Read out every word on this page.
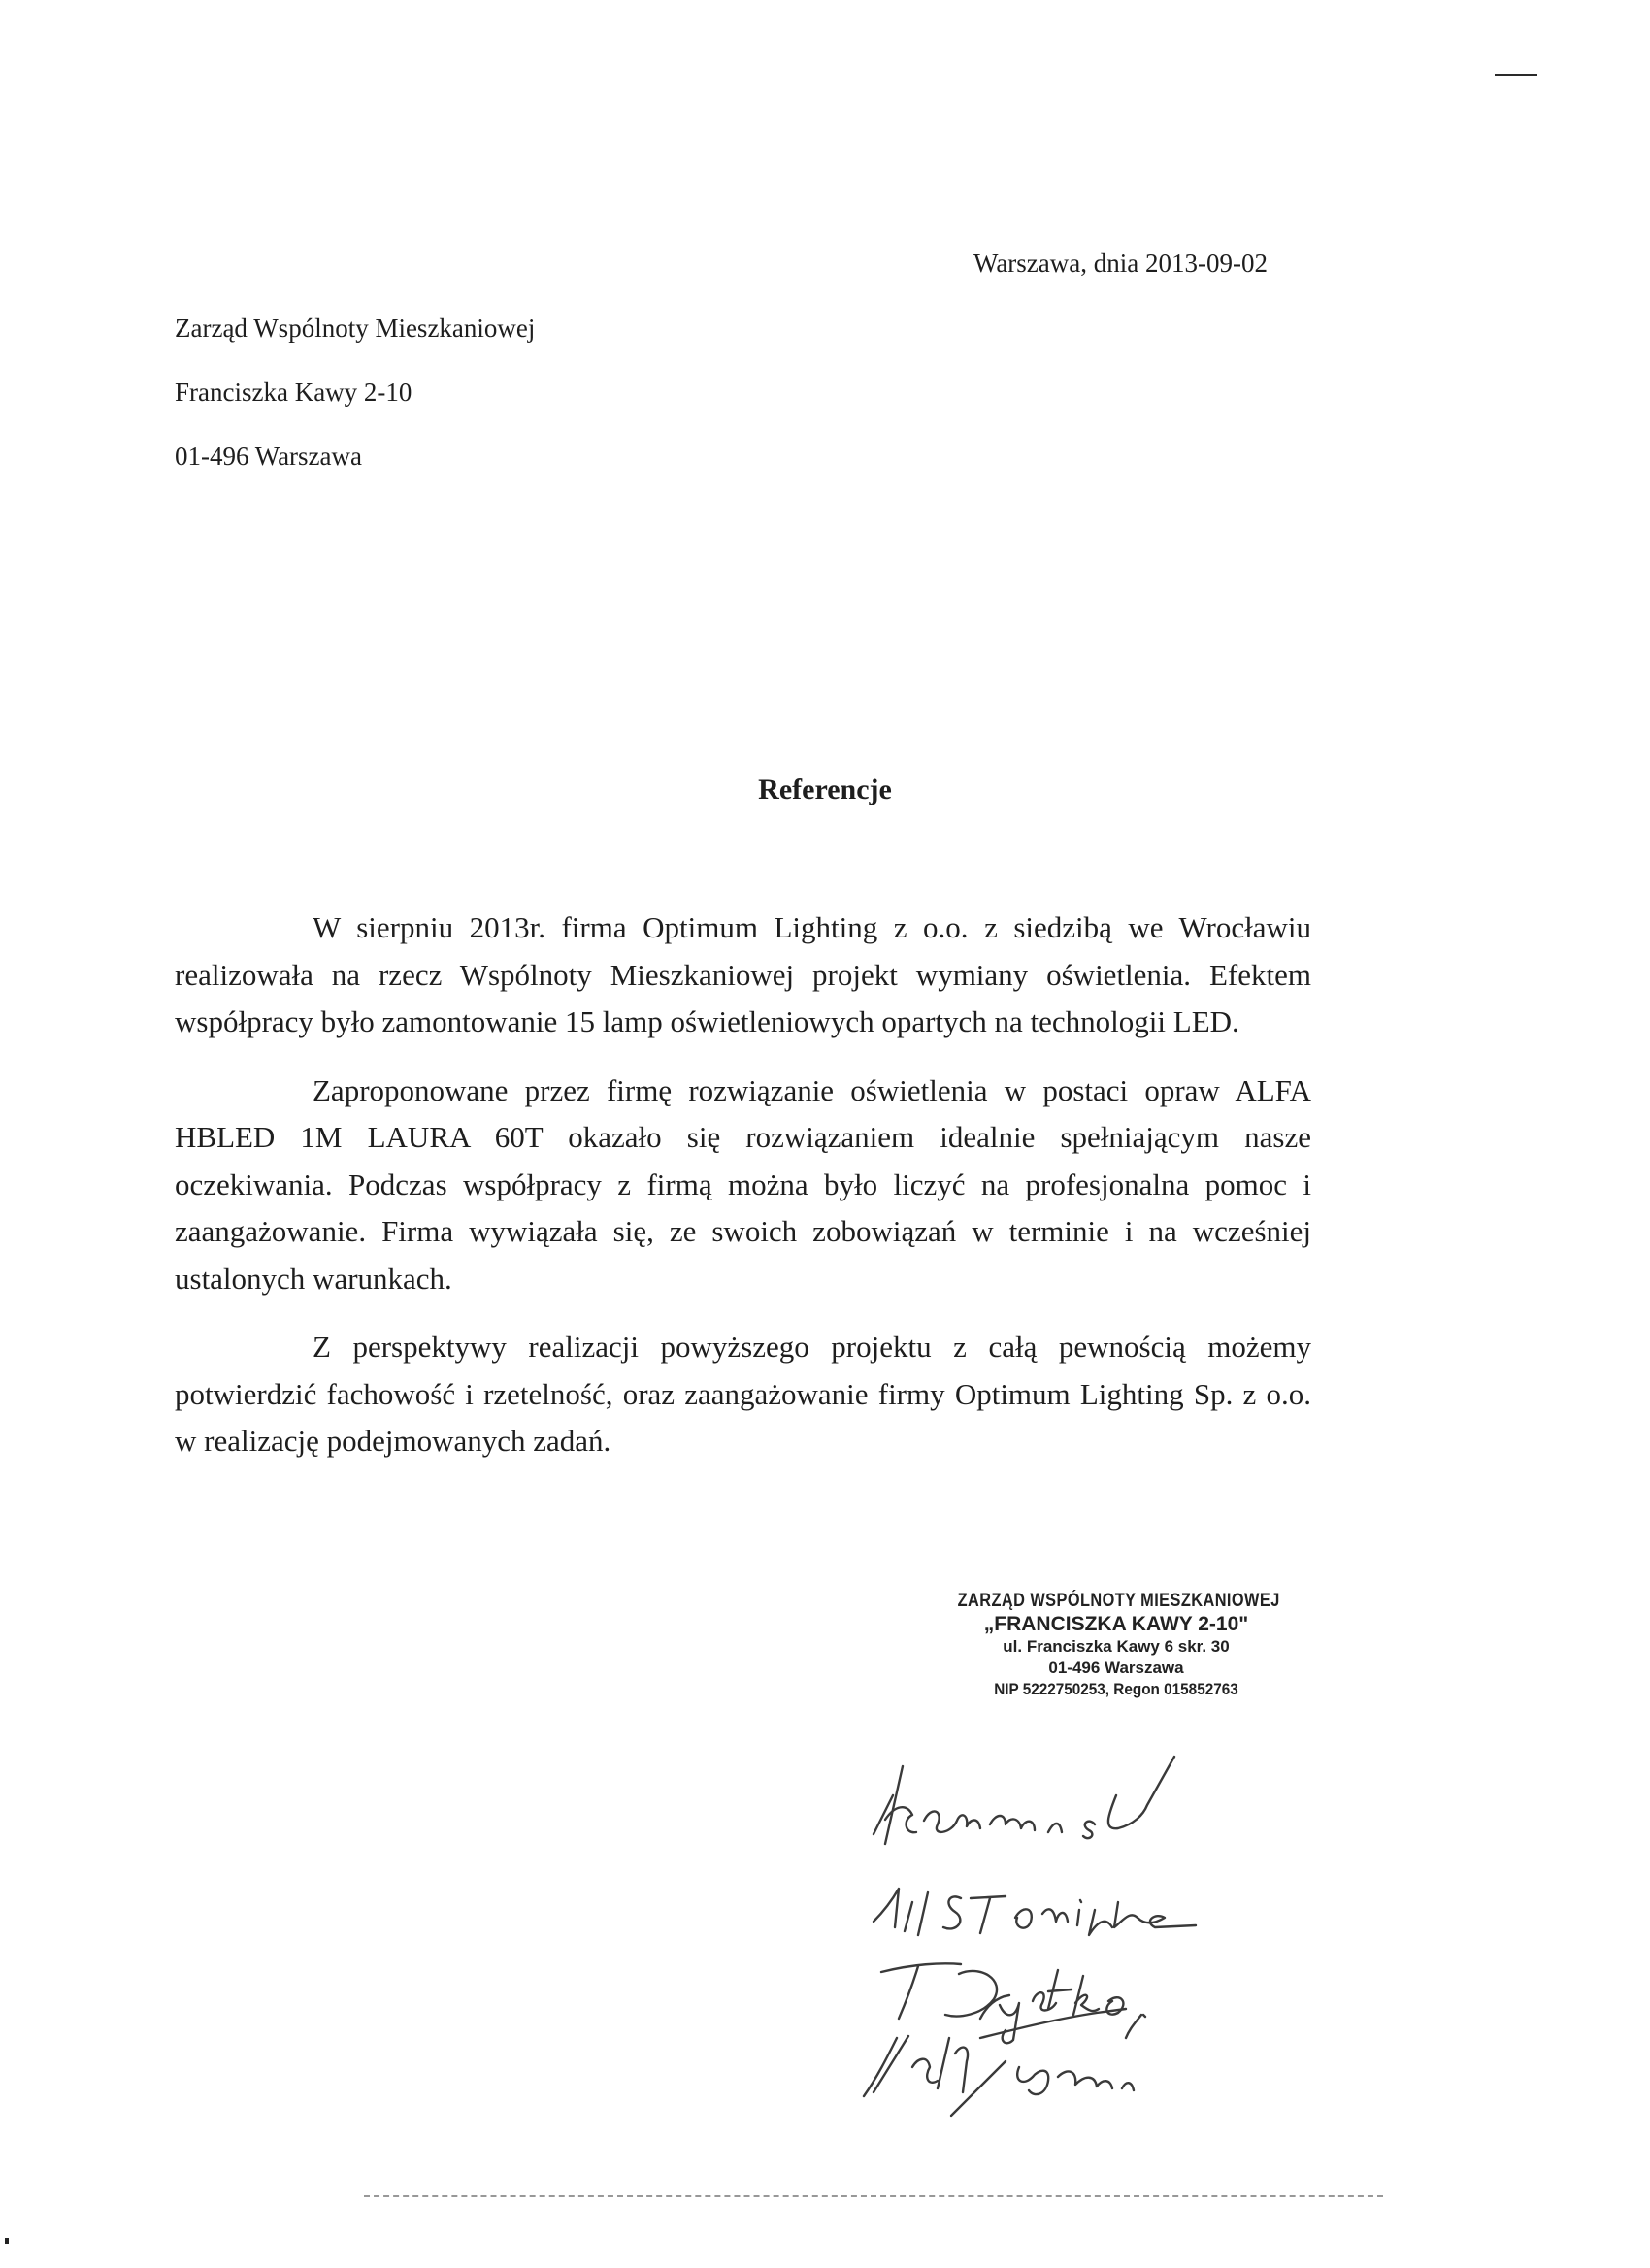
Warszawa, dnia 2013-09-02
Zarząd Wspólnoty Mieszkaniowej
Franciszka Kawy 2-10
01-496 Warszawa
Referencje

W sierpniu 2013r. firma Optimum Lighting z o.o. z siedzibą we Wrocławiu realizowała na rzecz Wspólnoty Mieszkaniowej projekt wymiany oświetlenia. Efektem współpracy było zamontowanie 15 lamp oświetleniowych opartych na technologii LED.

Zaproponowane przez firmę rozwiązanie oświetlenia w postaci opraw ALFA HBLED 1M LAURA 60T okazało się rozwiązaniem idealnie spełniającym nasze oczekiwania. Podczas współpracy z firmą można było liczyć na profesjonalna pomoc i zaangażowanie. Firma wywiązała się, ze swoich zobowiązań w terminie i na wcześniej ustalonych warunkach.

Z perspektywy realizacji powyższego projektu z całą pewnością możemy potwierdzić fachowość i rzetelność, oraz zaangażowanie firmy Optimum Lighting Sp. z o.o. w realizację podejmowanych zadań.

ZARZĄD WSPÓLNOTY MIESZKANIOWEJ
„FRANCISZKA KAWY 2-10"
ul. Franciszka Kawy 6 skr. 30
01-496 Warszawa
NIP 5222750253, Regon 015852763
